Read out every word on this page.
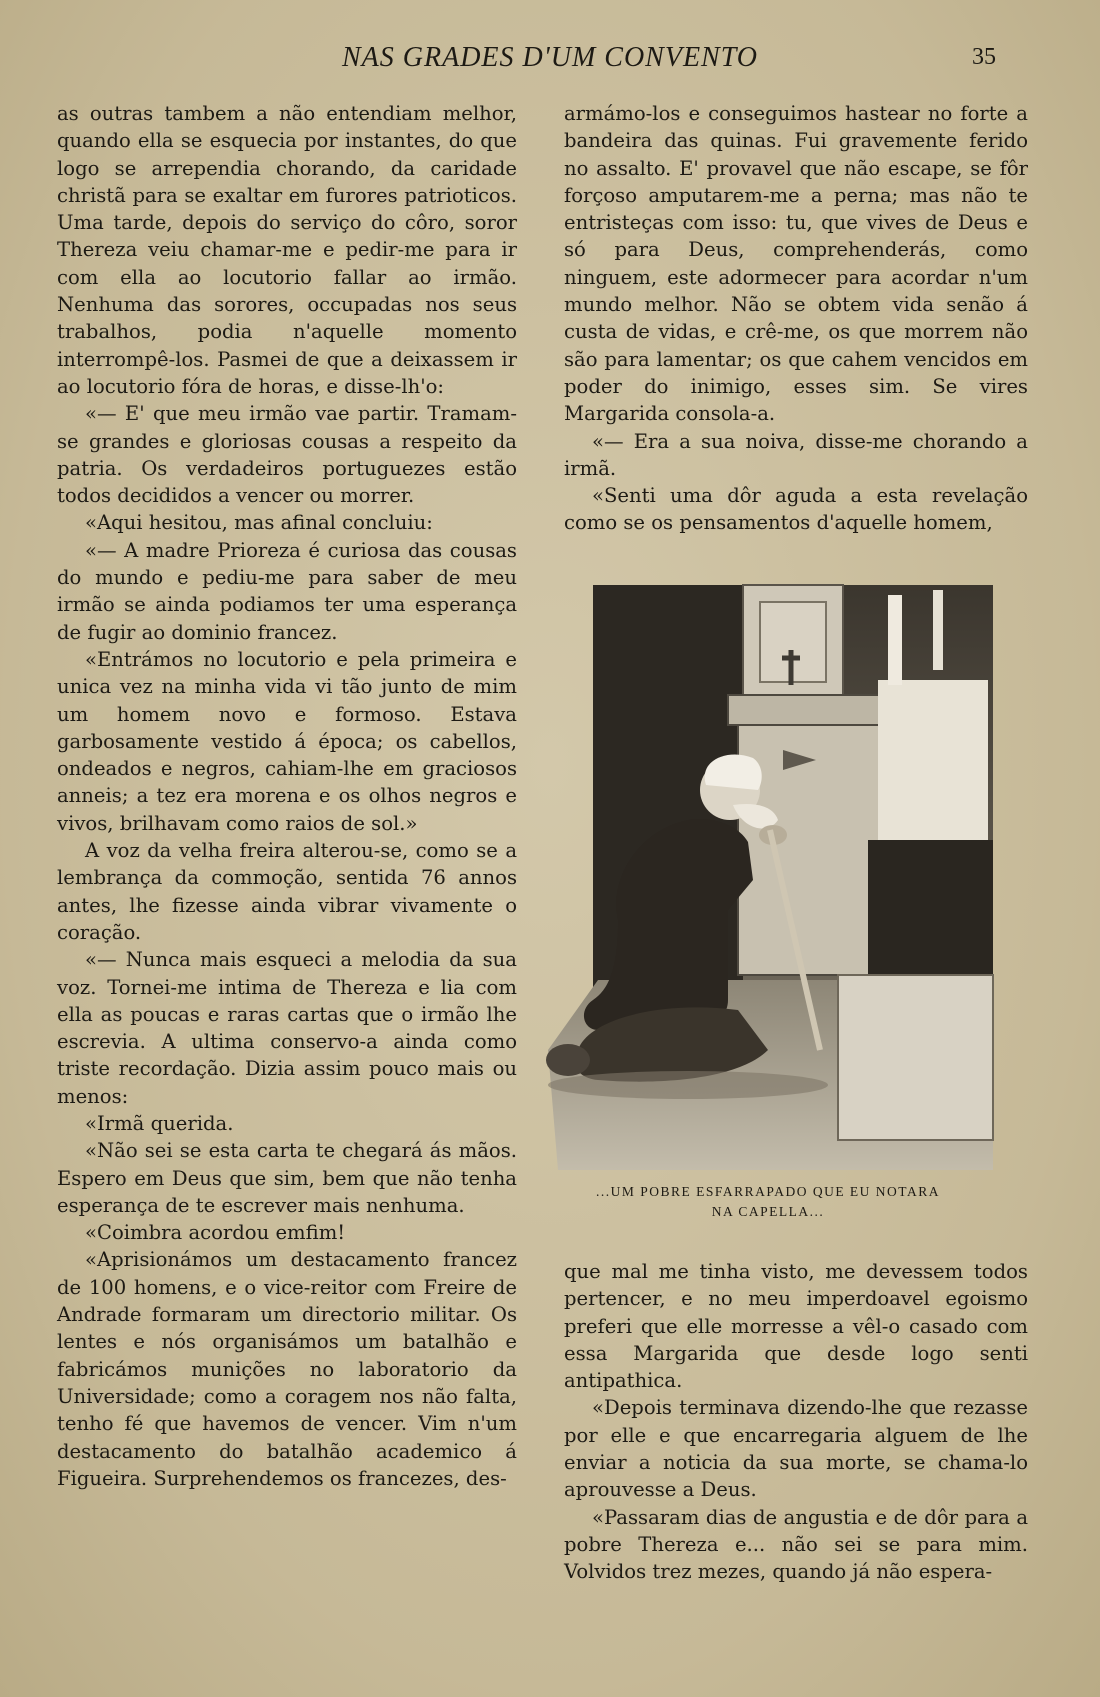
NAS GRADES D'UM CONVENTO	35

as outras tambem a não entendiam melhor, quando ella se esquecia por instantes, do que logo se arrependia chorando, da caridade christã para se exaltar em furores patrioticos. Uma tarde, depois do serviço do côro, soror Thereza veiu chamar-me e pedir-me para ir com ella ao locutorio fallar ao irmão. Nenhuma das sorores, occupadas nos seus trabalhos, podia n'aquelle momento interrompê-los. Pasmei de que a deixassem ir ao locutorio fóra de horas, e disse-lh'o:

«— E' que meu irmão vae partir. Tramam-se grandes e gloriosas cousas a respeito da patria. Os verdadeiros portuguezes estão todos decididos a vencer ou morrer.

«Aqui hesitou, mas afinal concluiu:

«— A madre Prioreza é curiosa das cousas do mundo e pediu-me para saber de meu irmão se ainda podiamos ter uma esperança de fugir ao dominio francez.

«Entrámos no locutorio e pela primeira e unica vez na minha vida vi tão junto de mim um homem novo e formoso. Estava garbosamente vestido á época; os cabellos, ondeados e negros, cahiam-lhe em graciosos anneis; a tez era morena e os olhos negros e vivos, brilhavam como raios de sol.»

A voz da velha freira alterou-se, como se a lembrança da commoção, sentida 76 annos antes, lhe fizesse ainda vibrar vivamente o coração.

«— Nunca mais esqueci a melodia da sua voz. Tornei-me intima de Thereza e lia com ella as poucas e raras cartas que o irmão lhe escrevia. A ultima conservo-a ainda como triste recordação. Dizia assim pouco mais ou menos:

«Irmã querida.

«Não sei se esta carta te chegará ás mãos. Espero em Deus que sim, bem que não tenha esperança de te escrever mais nenhuma.

«Coimbra acordou emfim!

«Aprisionámos um destacamento francez de 100 homens, e o vice-reitor com Freire de Andrade formaram um directorio militar. Os lentes e nós organisámos um batalhão e fabricámos munições no laboratorio da Universidade; como a coragem nos não falta, tenho fé que havemos de vencer. Vim n'um destacamento do batalhão academico á Figueira. Surprehendemos os francezes, des-

armámo-los e conseguimos hastear no forte a bandeira das quinas. Fui gravemente ferido no assalto. E' provavel que não escape, se fôr forçoso amputarem-me a perna; mas não te entristeças com isso: tu, que vives de Deus e só para Deus, comprehenderás, como ninguem, este adormecer para acordar n'um mundo melhor. Não se obtem vida senão á custa de vidas, e crê-me, os que morrem não são para lamentar; os que cahem vencidos em poder do inimigo, esses sim. Se vires Margarida consola-a.

«— Era a sua noiva, disse-me chorando a irmã.

«Senti uma dôr aguda a esta revelação como se os pensamentos d'aquelle homem,

...UM POBRE ESFARRAPADO QUE EU NOTARA
NA CAPELLA...

que mal me tinha visto, me devessem todos pertencer, e no meu imperdoavel egoismo preferi que elle morresse a vêl-o casado com essa Margarida que desde logo senti antipathica.

«Depois terminava dizendo-lhe que rezasse por elle e que encarregaria alguem de lhe enviar a noticia da sua morte, se chama-lo aprouvesse a Deus.

«Passaram dias de angustia e de dôr para a pobre Thereza e... não sei se para mim. Volvidos trez mezes, quando já não espera-
